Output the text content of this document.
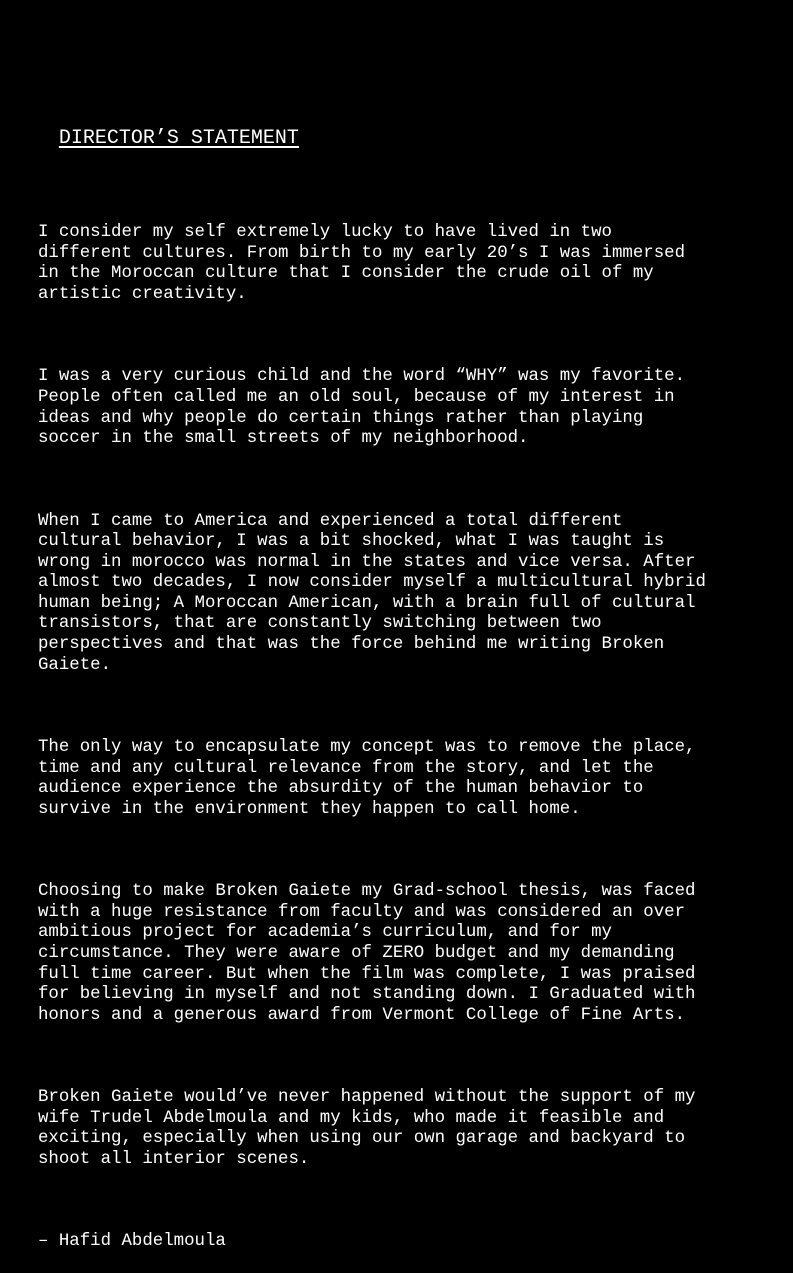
DIRECTOR’S STATEMENT

I consider my self extremely lucky to have lived in two
different cultures. From birth to my early 20’s I was immersed
in the Moroccan culture that I consider the crude oil of my
artistic creativity.

I was a very curious child and the word “WHY” was my favorite.
People often called me an old soul, because of my interest in
ideas and why people do certain things rather than playing
soccer in the small streets of my neighborhood.

When I came to America and experienced a total different
cultural behavior, I was a bit shocked, what I was taught is
wrong in morocco was normal in the states and vice versa. After
almost two decades, I now consider myself a multicultural hybrid
human being; A Moroccan American, with a brain full of cultural
transistors, that are constantly switching between two
perspectives and that was the force behind me writing Broken
Gaiete.

The only way to encapsulate my concept was to remove the place,
time and any cultural relevance from the story, and let the
audience experience the absurdity of the human behavior to
survive in the environment they happen to call home.

Choosing to make Broken Gaiete my Grad-school thesis, was faced
with a huge resistance from faculty and was considered an over
ambitious project for academia’s curriculum, and for my
circumstance. They were aware of ZERO budget and my demanding
full time career. But when the film was complete, I was praised
for believing in myself and not standing down. I Graduated with
honors and a generous award from Vermont College of Fine Arts.

Broken Gaiete would’ve never happened without the support of my
wife Trudel Abdelmoula and my kids, who made it feasible and
exciting, especially when using our own garage and backyard to
shoot all interior scenes.

– Hafid Abdelmoula
